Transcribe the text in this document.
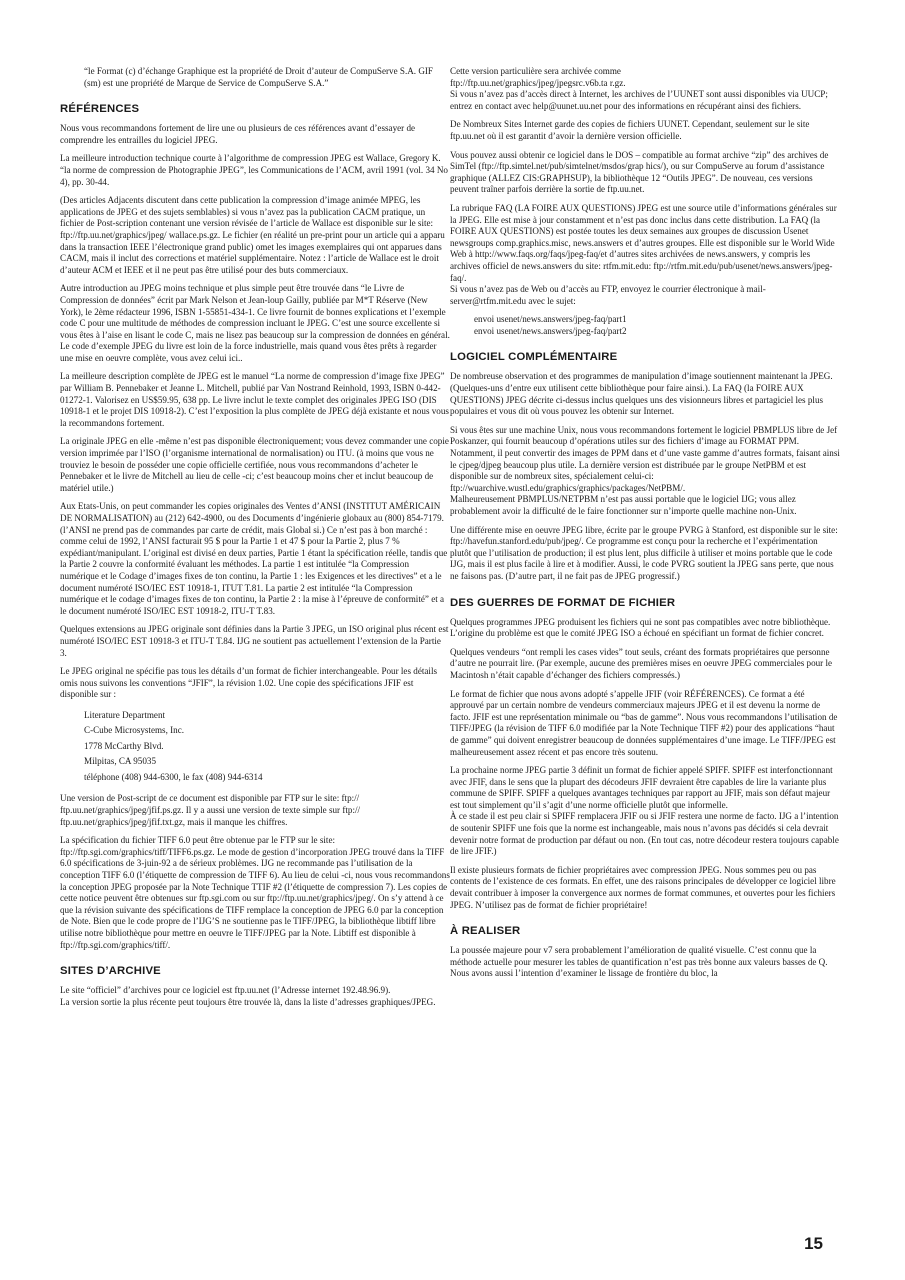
“le Format (c) d’échange Graphique est la propriété de Droit d’auteur de CompuServe S.A. GIF (sm) est une propriété de Marque de Service de CompuServe S.A.”

RÉFÉRENCES

Nous vous recommandons fortement de lire une ou plusieurs de ces références avant d’essayer de comprendre les entrailles du logiciel JPEG.

La meilleure introduction technique courte à l’algorithme de compression JPEG est Wallace, Gregory K. “la norme de compression de Photographie JPEG”, les Communications de l’ACM, avril 1991 (vol. 34 No 4), pp. 30-44.

(Des articles Adjacents discutent dans cette publication la compression d’image animée MPEG, les applications de JPEG et des sujets semblables) si vous n’avez pas la publication CACM pratique, un fichier de Post-scription contenant une version révisée de l’article de Wallace est disponible sur le site: ftp://ftp.uu.net/graphics/jpeg/ wallace.ps.gz. Le fichier (en réalité un pre-print pour un article qui a apparu dans la transaction IEEE l’électronique grand public) omet les images exemplaires qui ont apparues dans CACM, mais il inclut des corrections et matériel supplémentaire. Notez : l’article de Wallace est le droit d’auteur ACM et IEEE et il ne peut pas être utilisé pour des buts commerciaux.

Autre introduction au JPEG moins technique et plus simple peut être trouvée dans “le Livre de Compression de données” écrit par Mark Nelson et Jean-loup Gailly, publiée par M*T Réserve (New York), le 2ème rédacteur 1996, ISBN 1-55851-434-1. Ce livre fournit de bonnes explications et l’exemple code C pour une multitude de méthodes de compression incluant le JPEG. C’est une source excellente si vous êtes à l’aise en lisant le code C, mais ne lisez pas beaucoup sur la compression de données en général. Le code d’exemple JPEG du livre est loin de la force industrielle, mais quand vous êtes prêts à regarder une mise en oeuvre complète, vous avez celui ici..

La meilleure description complète de JPEG est le manuel “La norme de compression d’image fixe JPEG” par William B. Pennebaker et Jeanne L. Mitchell, publié par Van Nostrand Reinhold, 1993, ISBN 0-442-01272-1. Valorisez en US$59.95, 638 pp. Le livre inclut le texte complet des originales JPEG ISO (DIS 10918-1 et le projet DIS 10918-2). C’est l’exposition la plus complète de JPEG déjà existante et nous vous la recommandons fortement.

La originale JPEG en elle -même n’est pas disponible électroniquement; vous devez commander une copie version imprimée par l’ISO (l’organisme international de normalisation) ou ITU. (à moins que vous ne trouviez le besoin de posséder une copie officielle certifiée, nous vous recommandons d’acheter le Pennebaker et le livre de Mitchell au lieu de celle -ci; c’est beaucoup moins cher et inclut beaucoup de matériel utile.)

Aux Etats-Unis, on peut commander les copies originales des Ventes d’ANSI (INSTITUT AMÉRICAIN DE NORMALISATION) au (212) 642-4900, ou des Documents d’ingénierie globaux au (800) 854-7179. (l’ANSI ne prend pas de commandes par carte de crédit, mais Global si.) Ce n’est pas à bon marché : comme celui de 1992, l’ANSI facturait 95 $ pour la Partie 1 et 47 $ pour la Partie 2, plus 7 % expédiant/manipulant. L’original est divisé en deux parties, Partie 1 étant la spécification réelle, tandis que la Partie 2 couvre la conformité évaluant les méthodes. La partie 1 est intitulée “la Compression numérique et le Codage d’images fixes de ton continu, la Partie 1 : les Exigences et les directives” et a le document numéroté ISO/IEC EST 10918-1, ITUT T.81. La partie 2 est intitulée “la Compression numérique et le codage d’images fixes de ton continu, la Partie 2 : la mise à l’épreuve de conformité” et a le document numéroté ISO/IEC EST 10918-2, ITU-T T.83.

Quelques extensions au JPEG originale sont définies dans la Partie 3 JPEG, un ISO original plus récent est numéroté ISO/IEC EST 10918-3 et ITU-T T.84. IJG ne soutient pas actuellement l’extension de la Partie 3.

Le JPEG original ne spécifie pas tous les détails d’un format de fichier interchangeable. Pour les détails omis nous suivons les conventions “JFIF”, la révision 1.02. Une copie des spécifications JFIF est disponible sur :

Literature Department
C-Cube Microsystems, Inc.
1778 McCarthy Blvd.
Milpitas, CA 95035
téléphone (408) 944-6300, le fax (408) 944-6314

Une version de Post-script de ce document est disponible par FTP sur le site: ftp:// ftp.uu.net/graphics/jpeg/jfif.ps.gz. Il y a aussi une version de texte simple sur ftp:// ftp.uu.net/graphics/jpeg/jfif.txt.gz, mais il manque les chiffres.

La spécification du fichier TIFF 6.0 peut être obtenue par le FTP sur le site: ftp://ftp.sgi.com/graphics/tiff/TIFF6.ps.gz. Le mode de gestion d’incorporation JPEG trouvé dans la TIFF 6.0 spécifications de 3-juin-92 a de sérieux problèmes. IJG ne recommande pas l’utilisation de la conception TIFF 6.0 (l’étiquette de compression de TIFF 6). Au lieu de celui -ci, nous vous recommandons la conception JPEG proposée par la Note Technique TTIF #2 (l’étiquette de compression 7). Les copies de cette notice peuvent être obtenues sur ftp.sgi.com ou sur ftp://ftp.uu.net/graphics/jpeg/. On s’y attend à ce que la révision suivante des spécifications de TIFF remplace la conception de JPEG 6.0 par la conception de Note. Bien que le code propre de l’IJG’S ne soutienne pas le TIFF/JPEG, la bibliothèque libtiff libre utilise notre bibliothèque pour mettre en oeuvre le TIFF/JPEG par la Note. Libtiff est disponible à ftp://ftp.sgi.com/graphics/tiff/.

SITES D’ARCHIVE

Le site “officiel” d’archives pour ce logiciel est ftp.uu.net (l’Adresse internet 192.48.96.9).
La version sortie la plus récente peut toujours être trouvée là, dans la liste d’adresses graphiques/JPEG.

Cette version particulière sera archivée comme
ftp://ftp.uu.net/graphics/jpeg/jpegsrc.v6b.ta r.gz.
Si vous n’avez pas d’accès direct à Internet, les archives de l’UUNET sont aussi disponibles via UUCP; entrez en contact avec help@uunet.uu.net pour des informations en récupérant ainsi des fichiers.

De Nombreux Sites Internet garde des copies de fichiers UUNET. Cependant, seulement sur le site ftp.uu.net où il est garantit d’avoir la dernière version officielle.

Vous pouvez aussi obtenir ce logiciel dans le DOS – compatible au format archive “zip” des archives de SimTel (ftp://ftp.simtel.net/pub/simtelnet/msdos/grap hics/), ou sur CompuServe au forum d’assistance graphique (ALLEZ CIS:GRAPHSUP), la bibliothèque 12 “Outils JPEG”. De nouveau, ces versions peuvent traîner parfois derrière la sortie de ftp.uu.net.

La rubrique FAQ (LA FOIRE AUX QUESTIONS) JPEG est une source utile d’informations générales sur la JPEG. Elle est mise à jour constamment et n’est pas donc inclus dans cette distribution. La FAQ (la FOIRE AUX QUESTIONS) est postée toutes les deux semaines aux groupes de discussion Usenet newsgroups comp.graphics.misc, news.answers et d’autres groupes. Elle est disponible sur le World Wide Web à http://www.faqs.org/faqs/jpeg-faq/et d’autres sites archivées de news.answers, y compris les archives officiel de news.answers du site: rtfm.mit.edu: ftp://rtfm.mit.edu/pub/usenet/news.answers/jpeg-faq/.
Si vous n’avez pas de Web ou d’accès au FTP, envoyez le courrier électronique à mail-server@rtfm.mit.edu avec le sujet:

envoi usenet/news.answers/jpeg-faq/part1

envoi usenet/news.answers/jpeg-faq/part2

LOGICIEL COMPLÉMENTAIRE

De nombreuse observation et des programmes de manipulation d’image soutiennent maintenant la JPEG. (Quelques-uns d’entre eux utilisent cette bibliothèque pour faire ainsi.). La FAQ (la FOIRE AUX QUESTIONS) JPEG décrite ci-dessus inclus quelques uns des visionneurs libres et partagiciel les plus populaires et vous dit où vous pouvez les obtenir sur Internet.

Si vous êtes sur une machine Unix, nous vous recommandons fortement le logiciel PBMPLUS libre de Jef Poskanzer, qui fournit beaucoup d’opérations utiles sur des fichiers d’image au FORMAT PPM. Notamment, il peut convertir des images de PPM dans et d’une vaste gamme d’autres formats, faisant ainsi le cjpeg/djpeg beaucoup plus utile. La dernière version est distribuée par le groupe NetPBM et est disponible sur de nombreux sites, spécialement celui-ci:
ftp://wuarchive.wustl.edu/graphics/graphics/packages/NetPBM/.
Malheureusement PBMPLUS/NETPBM n’est pas aussi portable que le logiciel IJG; vous allez probablement avoir la difficulté de le faire fonctionner sur n’importe quelle machine non-Unix.

Une différente mise en oeuvre JPEG libre, écrite par le groupe PVRG à Stanford, est disponible sur le site: ftp://havefun.stanford.edu/pub/jpeg/. Ce programme est conçu pour la recherche et l’expérimentation plutôt que l’utilisation de production; il est plus lent, plus difficile à utiliser et moins portable que le code IJG, mais il est plus facile à lire et à modifier. Aussi, le code PVRG soutient la JPEG sans perte, que nous ne faisons pas. (D’autre part, il ne fait pas de JPEG progressif.)

DES GUERRES DE FORMAT DE FICHIER

Quelques programmes JPEG produisent les fichiers qui ne sont pas compatibles avec notre bibliothèque. L’origine du problème est que le comité JPEG ISO a échoué en spécifiant un format de fichier concret.

Quelques vendeurs “ont rempli les cases vides” tout seuls, créant des formats propriétaires que personne d’autre ne pourrait lire. (Par exemple, aucune des premières mises en oeuvre JPEG commerciales pour le Macintosh n’était capable d’échanger des fichiers compressés.)

Le format de fichier que nous avons adopté s’appelle JFIF (voir RÉFÉRENCES). Ce format a été approuvé par un certain nombre de vendeurs commerciaux majeurs JPEG et il est devenu la norme de facto. JFIF est une représentation minimale ou “bas de gamme”. Nous vous recommandons l’utilisation de TIFF/JPEG (la révision de TIFF 6.0 modifiée par la Note Technique TIFF #2) pour des applications “haut de gamme” qui doivent enregistrer beaucoup de données supplémentaires d’une image. Le TIFF/JPEG est malheureusement assez récent et pas encore très soutenu.

La prochaine norme JPEG partie 3 définit un format de fichier appelé SPIFF. SPIFF est interfonctionnant avec JFIF, dans le sens que la plupart des décodeurs JFIF devraient être capables de lire la variante plus commune de SPIFF. SPIFF a quelques avantages techniques par rapport au JFIF, mais son défaut majeur est tout simplement qu’il s’agit d’une norme officielle plutôt que informelle.
À ce stade il est peu clair si SPIFF remplacera JFIF ou si JFIF restera une norme de facto. IJG a l’intention de soutenir SPIFF une fois que la norme est inchangeable, mais nous n’avons pas décidés si cela devrait devenir notre format de production par défaut ou non. (En tout cas, notre décodeur restera toujours capable de lire JFIF.)

Il existe plusieurs formats de fichier propriétaires avec compression JPEG. Nous sommes peu ou pas contents de l’existence de ces formats. En effet, une des raisons principales de développer ce logiciel libre devait contribuer à imposer la convergence aux normes de format communes, et ouvertes pour les fichiers JPEG. N’utilisez pas de format de fichier propriétaire!

À REALISER

La poussée majeure pour v7 sera probablement l’amélioration de qualité visuelle. C’est connu que la méthode actuelle pour mesurer les tables de quantification n’est pas très bonne aux valeurs basses de Q.
Nous avons aussi l’intention d’examiner le lissage de frontière du bloc, la

15
